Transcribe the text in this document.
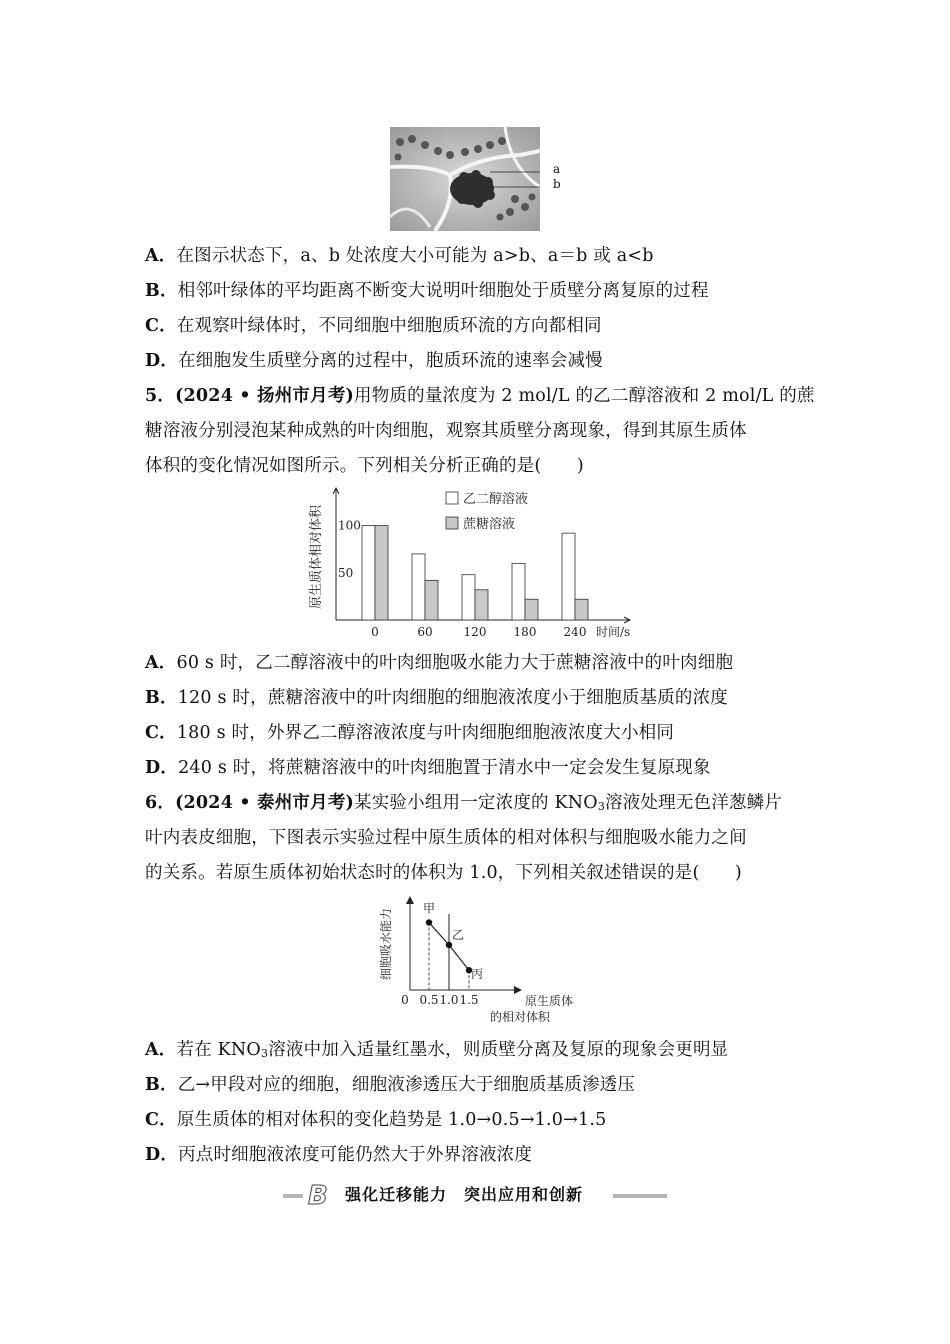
a
b
A．在图示状态下，a、b 处浓度大小可能为 a>b、a＝b 或 a<b
B．相邻叶绿体的平均距离不断变大说明叶细胞处于质壁分离复原的过程
C．在观察叶绿体时，不同细胞中细胞质环流的方向都相同
D．在细胞发生质壁分离的过程中，胞质环流的速率会减慢
5．(2024 • 扬州市月考)用物质的量浓度为 2 mol/L 的乙二醇溶液和 2 mol/L 的蔗
糖溶液分别浸泡某种成熟的叶肉细胞，观察其质壁分离现象，得到其原生质体
体积的变化情况如图所示。下列相关分析正确的是(　　)
原生质体相对体积 100
50
0	60	120 180 240 时间/s
乙二醇溶液
蔗糖溶液
A．60 s 时，乙二醇溶液中的叶肉细胞吸水能力大于蔗糖溶液中的叶肉细胞
B．120 s 时，蔗糖溶液中的叶肉细胞的细胞液浓度小于细胞质基质的浓度
C．180 s 时，外界乙二醇溶液浓度与叶肉细胞细胞液浓度大小相同
D．240 s 时，将蔗糖溶液中的叶肉细胞置于清水中一定会发生复原现象
6．(2024 • 泰州市月考)某实验小组用一定浓度的 $KNO_3$溶液处理无色洋葱鳞片
叶内表皮细胞，下图表示实验过程中原生质体的相对体积与细胞吸水能力之间
的关系。若原生质体初始状态时的体积为 1.0，下列相关叙述错误的是(　　)
甲
0.5
乙
1.0
丙
1.5
细胞吸水能力
0	原生质体
的相对体积
A．若在 $KNO_3$溶液中加入适量红墨水，则质壁分离及复原的现象会更明显
B．乙→甲段对应的细胞，细胞液渗透压大于细胞质基质渗透压
C．原生质体的相对体积的变化趋势是 1.0→0.5→1.0→1.5
D．丙点时细胞液浓度可能仍然大于外界溶液浓度
B 强化迁移能力　突出应用和创新
